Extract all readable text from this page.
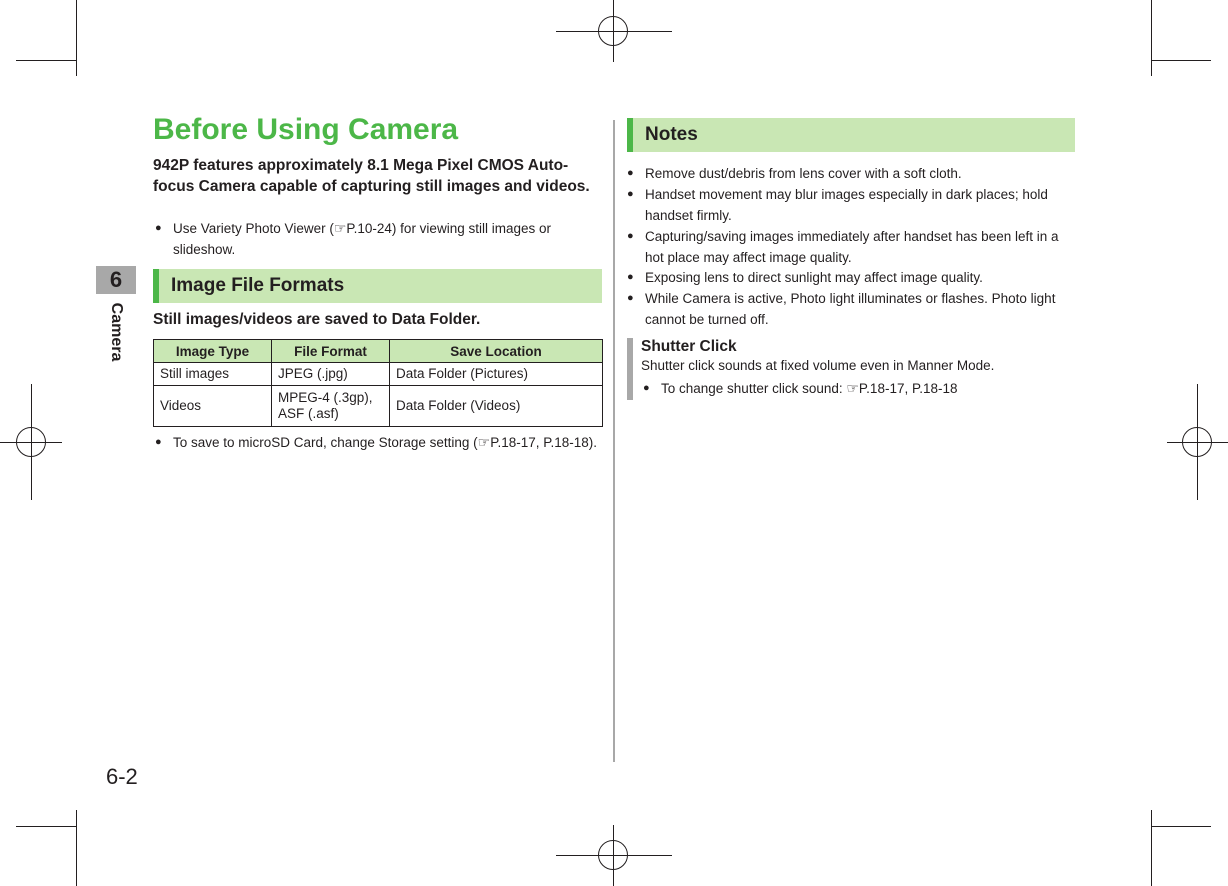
6
Camera
6-2
Before Using Camera

942P features approximately 8.1 Mega Pixel CMOS Auto-focus Camera capable of capturing still images and videos.

● Use Variety Photo Viewer (☞P.10-24) for viewing still images or slideshow.
Image File Formats
Still images/videos are saved to Data Folder.
Image Type	File Format	Save Location
Still images	JPEG (.jpg)	Data Folder (Pictures)
Videos	MPEG-4 (.3gp), ASF (.asf)	Data Folder (Videos)
● To save to microSD Card, change Storage setting (☞P.18-17, P.18-18).
Notes
● Remove dust/debris from lens cover with a soft cloth.
● Handset movement may blur images especially in dark places; hold handset firmly.
● Capturing/saving images immediately after handset has been left in a hot place may affect image quality.
● Exposing lens to direct sunlight may affect image quality.
● While Camera is active, Photo light illuminates or flashes. Photo light cannot be turned off.
Shutter Click
Shutter click sounds at fixed volume even in Manner Mode.
● To change shutter click sound: ☞P.18-17, P.18-18
